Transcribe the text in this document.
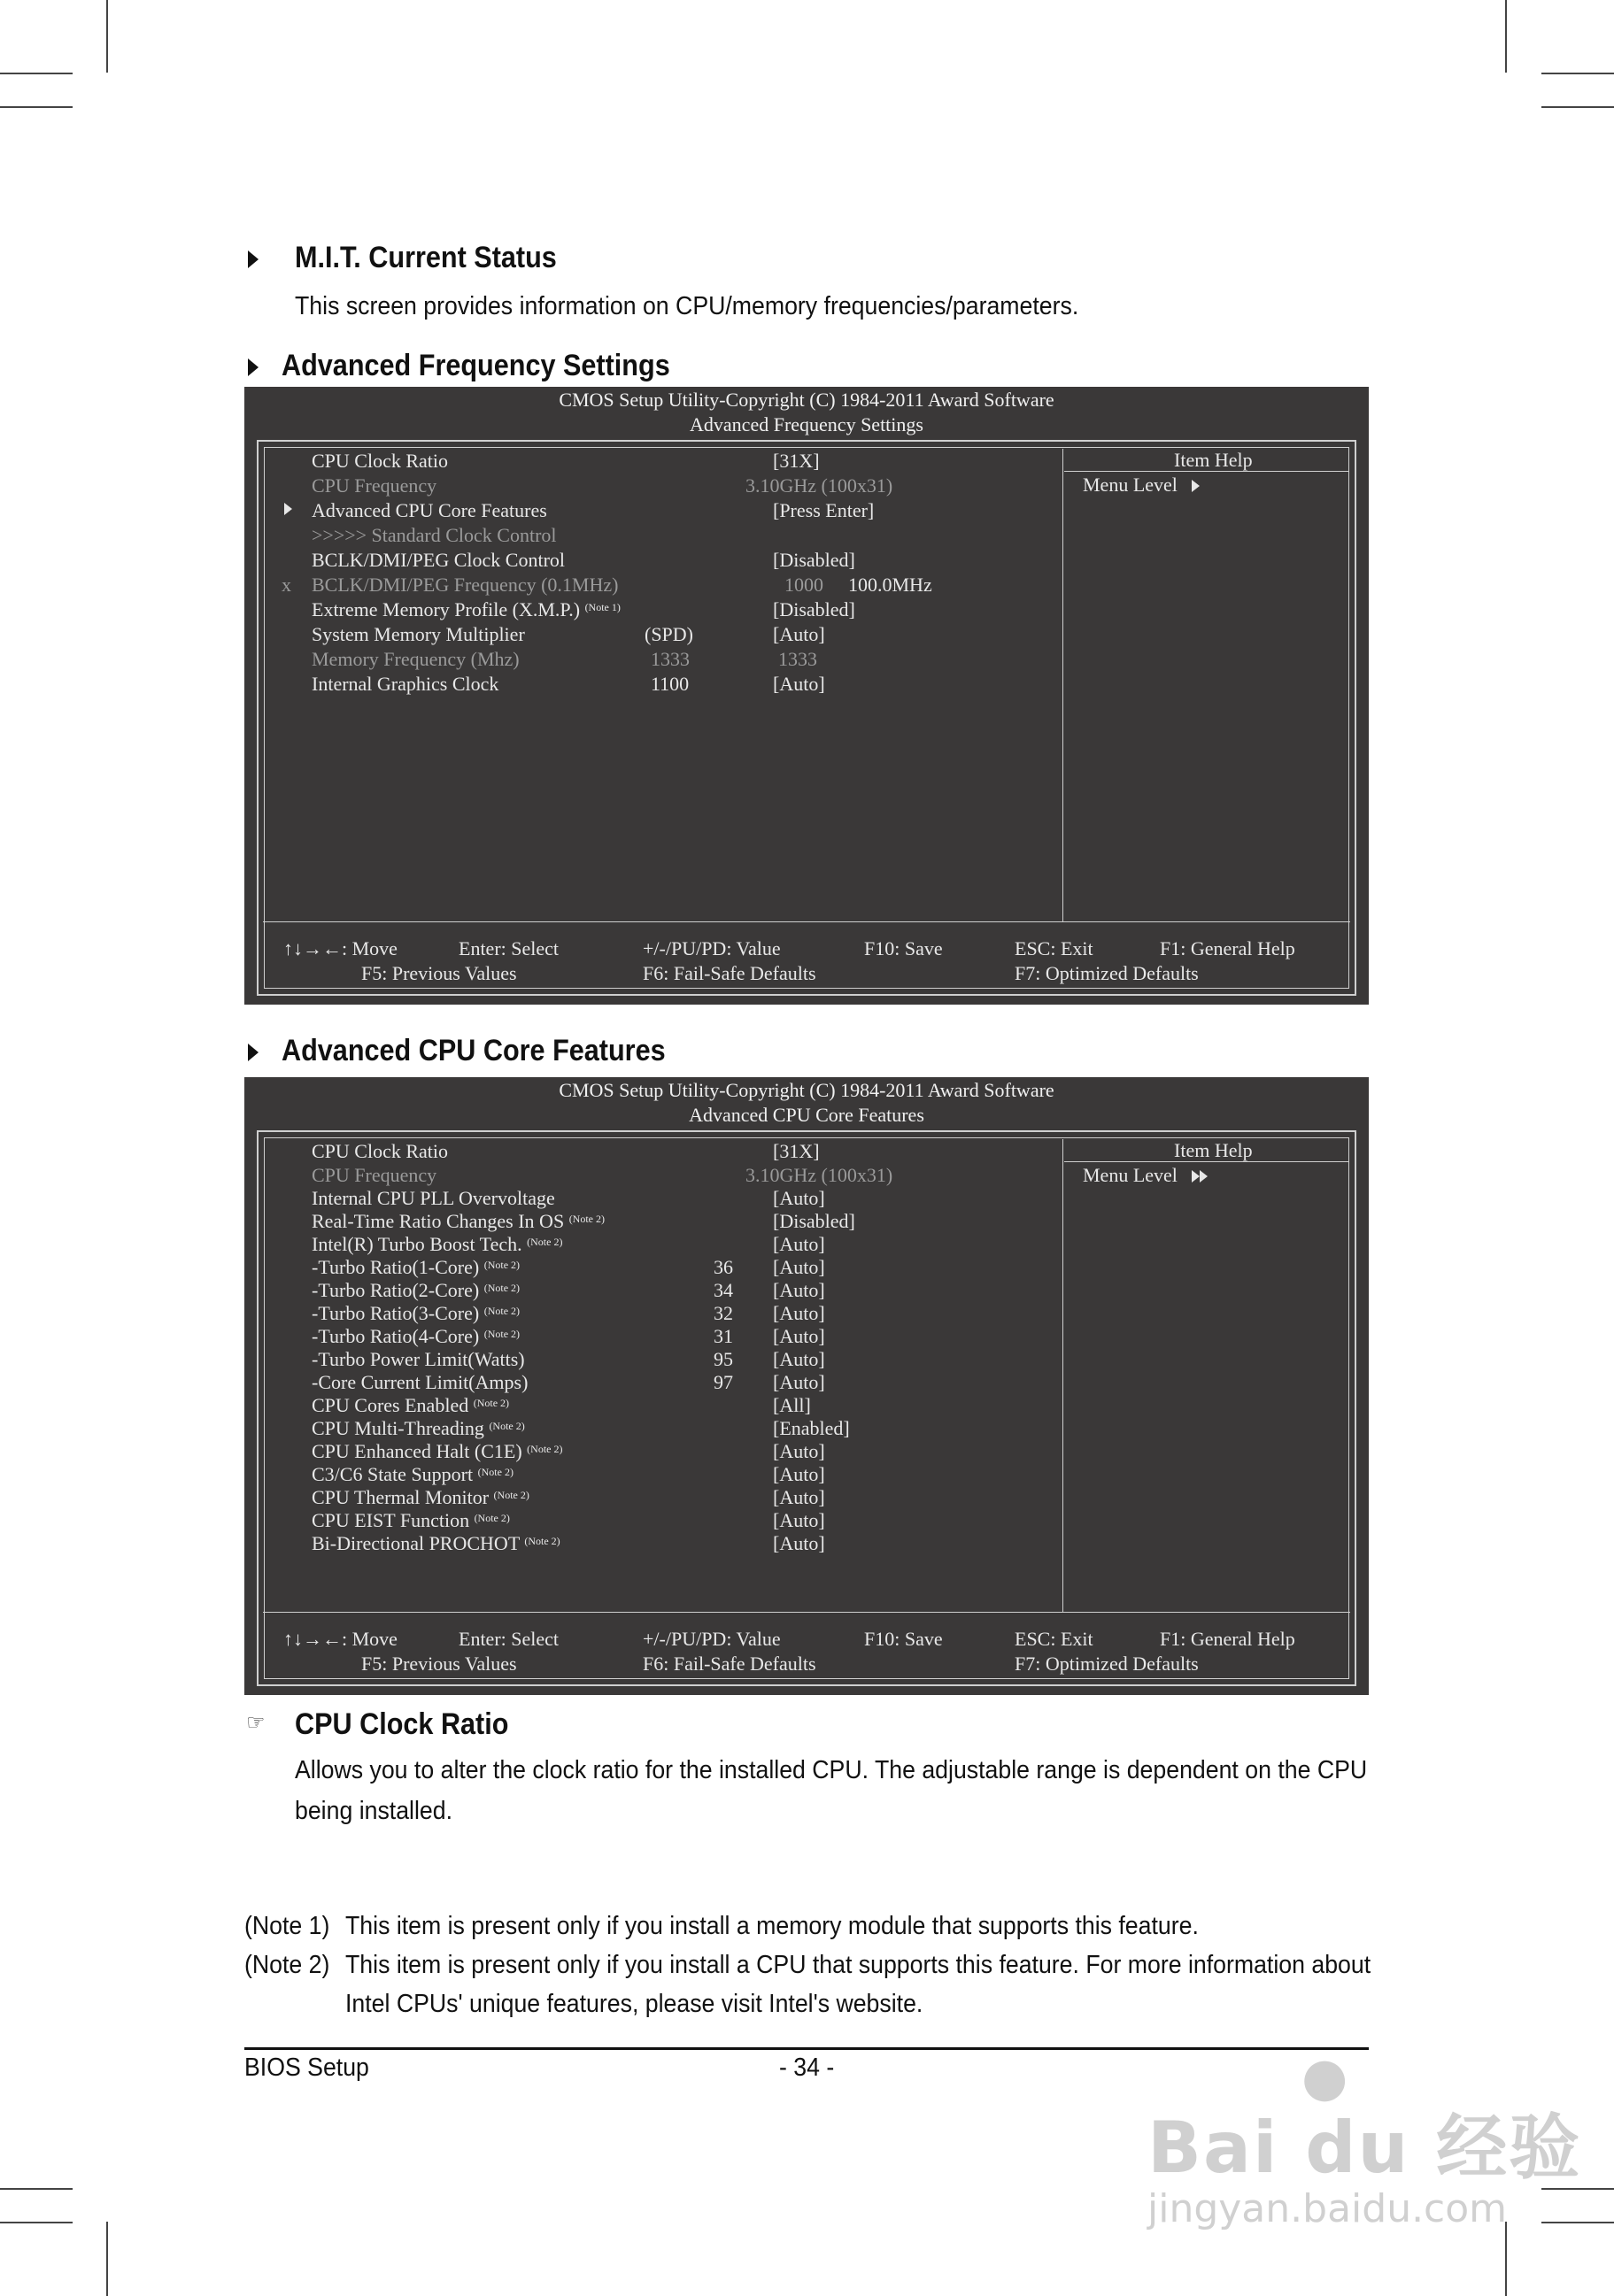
M.I.T. Current Status
This screen provides information on CPU/memory frequencies/parameters.
Advanced Frequency Settings
CMOS Setup Utility-Copyright (C) 1984-2011 Award Software
Advanced Frequency Settings
Item Help
Menu Level
CPU Clock Ratio	[31X]
CPU Frequency	3.10GHz (100x31)
Advanced CPU Core Features	[Press Enter]
>>>>> Standard Clock Control
BCLK/DMI/PEG Clock Control	[Disabled]
x BCLK/DMI/PEG Frequency (0.1MHz)	1000 100.0MHz
Extreme Memory Profile (X.M.P.) $^{(Note 1)}$	[Disabled]
System Memory Multiplier	(SPD)	[Auto]
Memory Frequency (Mhz)	1333	1333
Internal Graphics Clock	1100	[Auto]
↑↓→←: Move	Enter: Select	+/-/PU/PD: Value	F10: Save	ESC: Exit	F1: General Help
F5: Previous Values	F6: Fail-Safe Defaults	F7: Optimized Defaults
Advanced CPU Core Features
CMOS Setup Utility-Copyright (C) 1984-2011 Award Software
Advanced CPU Core Features
Item Help
Menu Level
CPU Clock Ratio	[31X]
CPU Frequency	3.10GHz (100x31)
Internal CPU PLL Overvoltage	[Auto]
Real-Time Ratio Changes In OS $^{(Note 2)}$	[Disabled]
Intel(R) Turbo Boost Tech. $^{(Note 2)}$	[Auto]
-Turbo Ratio(1-Core) $^{(Note 2)}$	36 [Auto]
-Turbo Ratio(2-Core) $^{(Note 2)}$	34 [Auto]
-Turbo Ratio(3-Core) $^{(Note 2)}$	32 [Auto]
-Turbo Ratio(4-Core) $^{(Note 2)}$	31 [Auto]
-Turbo Power Limit(Watts)	95 [Auto]
-Core Current Limit(Amps)	97 [Auto]
CPU Cores Enabled $^{(Note 2)}$	[All]
CPU Multi-Threading $^{(Note 2)}$	[Enabled]
CPU Enhanced Halt (C1E) $^{(Note 2)}$	[Auto]
C3/C6 State Support $^{(Note 2)}$	[Auto]
CPU Thermal Monitor $^{(Note 2)}$	[Auto]
CPU EIST Function $^{(Note 2)}$	[Auto]
Bi-Directional PROCHOT $^{(Note 2)}$	[Auto]
↑↓→←: Move	Enter: Select	+/-/PU/PD: Value	F10: Save	ESC: Exit	F1: General Help
F5: Previous Values	F6: Fail-Safe Defaults	F7: Optimized Defaults
☞ CPU Clock Ratio
Allows you to alter the clock ratio for the installed CPU. The adjustable range is dependent on the CPU
being installed.
(Note 1) This item is present only if you install a memory module that supports this feature.
(Note 2) This item is present only if you install a CPU that supports this feature. For more information about
Intel CPUs' unique features, please visit Intel's website.
BIOS Setup	- 34 -
Bai du 经验
jingyan.baidu.com
●
